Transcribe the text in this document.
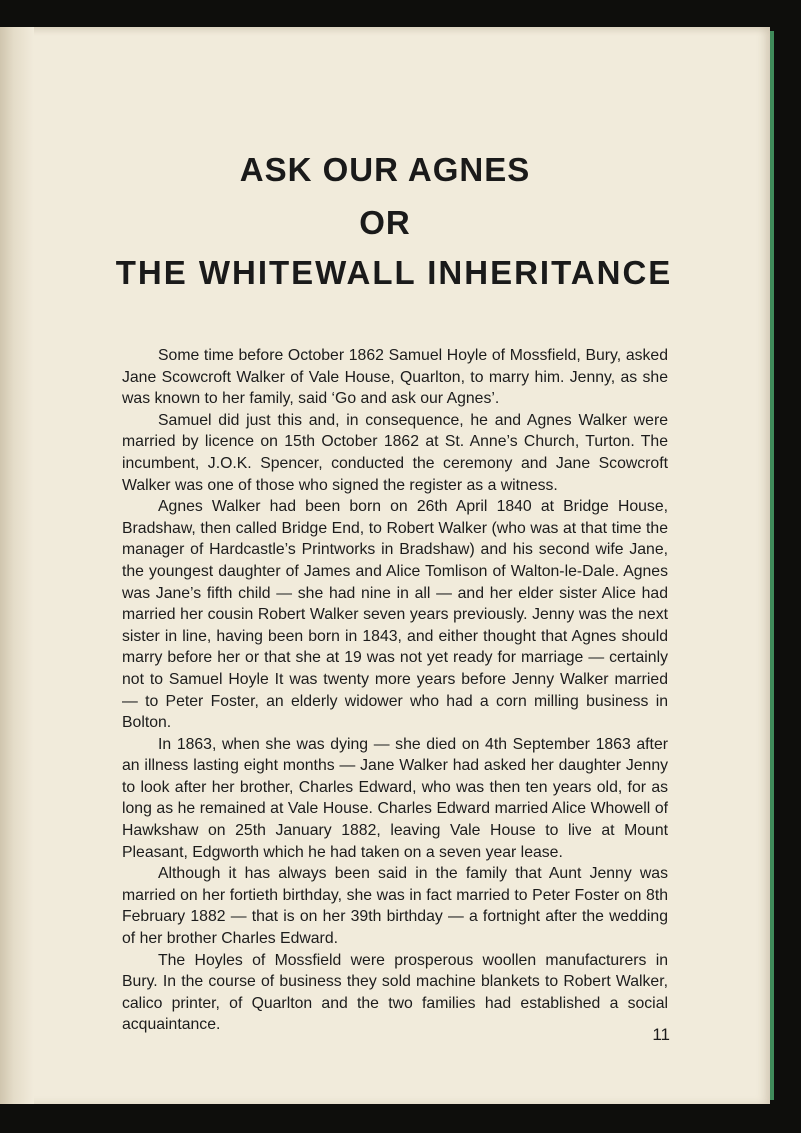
ASK OUR AGNES
OR
THE WHITEWALL INHERITANCE

Some time before October 1862 Samuel Hoyle of Mossfield, Bury, asked Jane Scowcroft Walker of Vale House, Quarlton, to marry him. Jenny, as she was known to her family, said ‘Go and ask our Agnes’.

Samuel did just this and, in consequence, he and Agnes Walker were married by licence on 15th October 1862 at St. Anne’s Church, Turton. The incumbent, J.O.K. Spencer, conducted the ceremony and Jane Scowcroft Walker was one of those who signed the register as a witness.

Agnes Walker had been born on 26th April 1840 at Bridge House, Bradshaw, then called Bridge End, to Robert Walker (who was at that time the manager of Hardcastle’s Printworks in Bradshaw) and his second wife Jane, the youngest daughter of James and Alice Tomlison of Walton-le-Dale. Agnes was Jane’s fifth child — she had nine in all — and her elder sister Alice had married her cousin Robert Walker seven years previously. Jenny was the next sister in line, having been born in 1843, and either thought that Agnes should marry before her or that she at 19 was not yet ready for marriage — certainly not to Samuel Hoyle It was twenty more years before Jenny Walker married — to Peter Foster, an elderly widower who had a corn milling business in Bolton.

In 1863, when she was dying — she died on 4th September 1863 after an illness lasting eight months — Jane Walker had asked her daughter Jenny to look after her brother, Charles Edward, who was then ten years old, for as long as he remained at Vale House. Charles Edward married Alice Whowell of Hawkshaw on 25th January 1882, leaving Vale House to live at Mount Pleasant, Edgworth which he had taken on a seven year lease.

Although it has always been said in the family that Aunt Jenny was married on her fortieth birthday, she was in fact married to Peter Foster on 8th February 1882 — that is on her 39th birthday — a fortnight after the wedding of her brother Charles Edward.

The Hoyles of Mossfield were prosperous woollen manufacturers in Bury. In the course of business they sold machine blankets to Robert Walker, calico printer, of Quarlton and the two families had established a social acquaintance.

11
